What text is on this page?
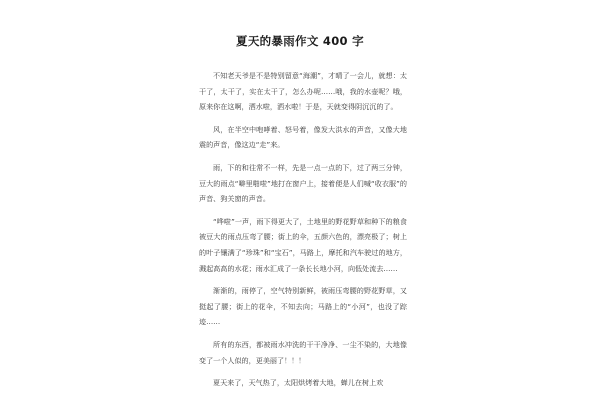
夏天的暴雨作文 400 字

不知老天爷是不是特别留意“海潮”，才晴了一会儿，就想：太干了，太干了，实在太干了，怎么办呢……哦，我的水壶呢？哦，原来你在这啊，洒水啦，洒水啦！于是，天就变得阴沉沉的了。

风，在半空中咆哮着、怒号着，像发大洪水的声音，又像大地震的声音，像这边“走”来。

雨，下的和往常不一样，先是一点一点的下，过了两三分钟，豆大的雨点“噼里啪啦”地打在窗户上，接着便是人们喊“收衣服”的声音、狗关窗的声音。

“哗啦”一声，雨下得更大了，土地里的野花野草和种下的粮食被豆大的雨点压弯了腰；街上的伞，五颜六色的，漂亮极了；树上的叶子镶满了“珍珠”和“宝石”，马路上，摩托和汽车驶过的地方，溅起高高的水花；雨水汇成了一条长长地小河，向低处流去……

渐渐的，雨停了，空气特别新鲜，被雨压弯腰的野花野草，又挺起了腰；街上的花伞，不知去向；马路上的“小河”，也没了踪迹……

所有的东西，都被雨水冲洗的干干净净、一尘不染的，大地像变了一个人似的，更美丽了！！！

夏天来了，天气热了，太阳烘烤着大地，蝉儿在树上欢
